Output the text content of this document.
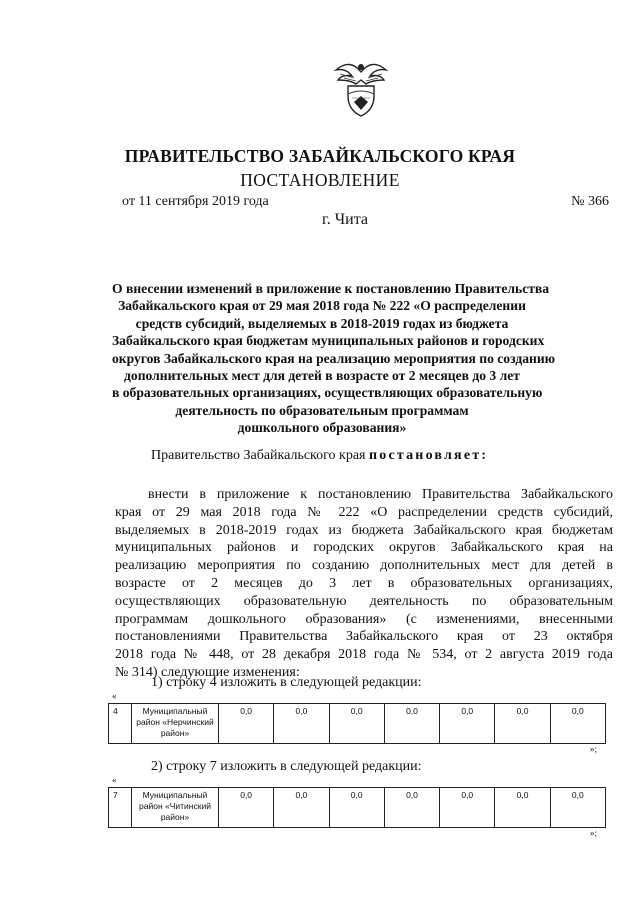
ПРАВИТЕЛЬСТВО ЗАБАЙКАЛЬСКОГО КРАЯ
ПОСТАНОВЛЕНИЕ
от 11 сентября 2019 года	№ 366
г. Чита
О внесении изменений в приложение к постановлению Правительства
Забайкальского края от 29 мая 2018 года № 222 «О распределении
средств субсидий, выделяемых в 2018-2019 годах из бюджета
Забайкальского края бюджетам муниципальных районов и городских
округов Забайкальского края на реализацию мероприятия по созданию
дополнительных мест для детей в возрасте от 2 месяцев до 3 лет
в образовательных организациях, осуществляющих образовательную
деятельность по образовательным программам
дошкольного образования»
Правительство Забайкальского края постановляет:
внести в приложение к постановлению Правительства Забайкальского
края от 29 мая 2018 года № 222 «О распределении средств субсидий,
выделяемых в 2018-2019 годах из бюджета Забайкальского края бюджетам
муниципальных районов и городских округов Забайкальского края на
реализацию мероприятия по созданию дополнительных мест для детей в
возрасте от 2 месяцев до 3 лет в образовательных организациях,
осуществляющих образовательную деятельность по образовательным
программам дошкольного образования» (с изменениями, внесенными
постановлениями Правительства Забайкальского края от 23 октября
2018 года № 448, от 28 декабря 2018 года № 534, от 2 августа 2019 года
№ 314) следующие изменения:
1) строку 4 изложить в следующей редакции:
«
4	Муниципальный
район «Нерчинский
район»
	0,0	0,0	0,0	0,0	0,0	0,0	0,0
»;
2) строку 7 изложить в следующей редакции:
«
7	Муниципальный
район «Читинский
район»
	0,0	0,0	0,0	0,0	0,0	0,0	0,0
»;
